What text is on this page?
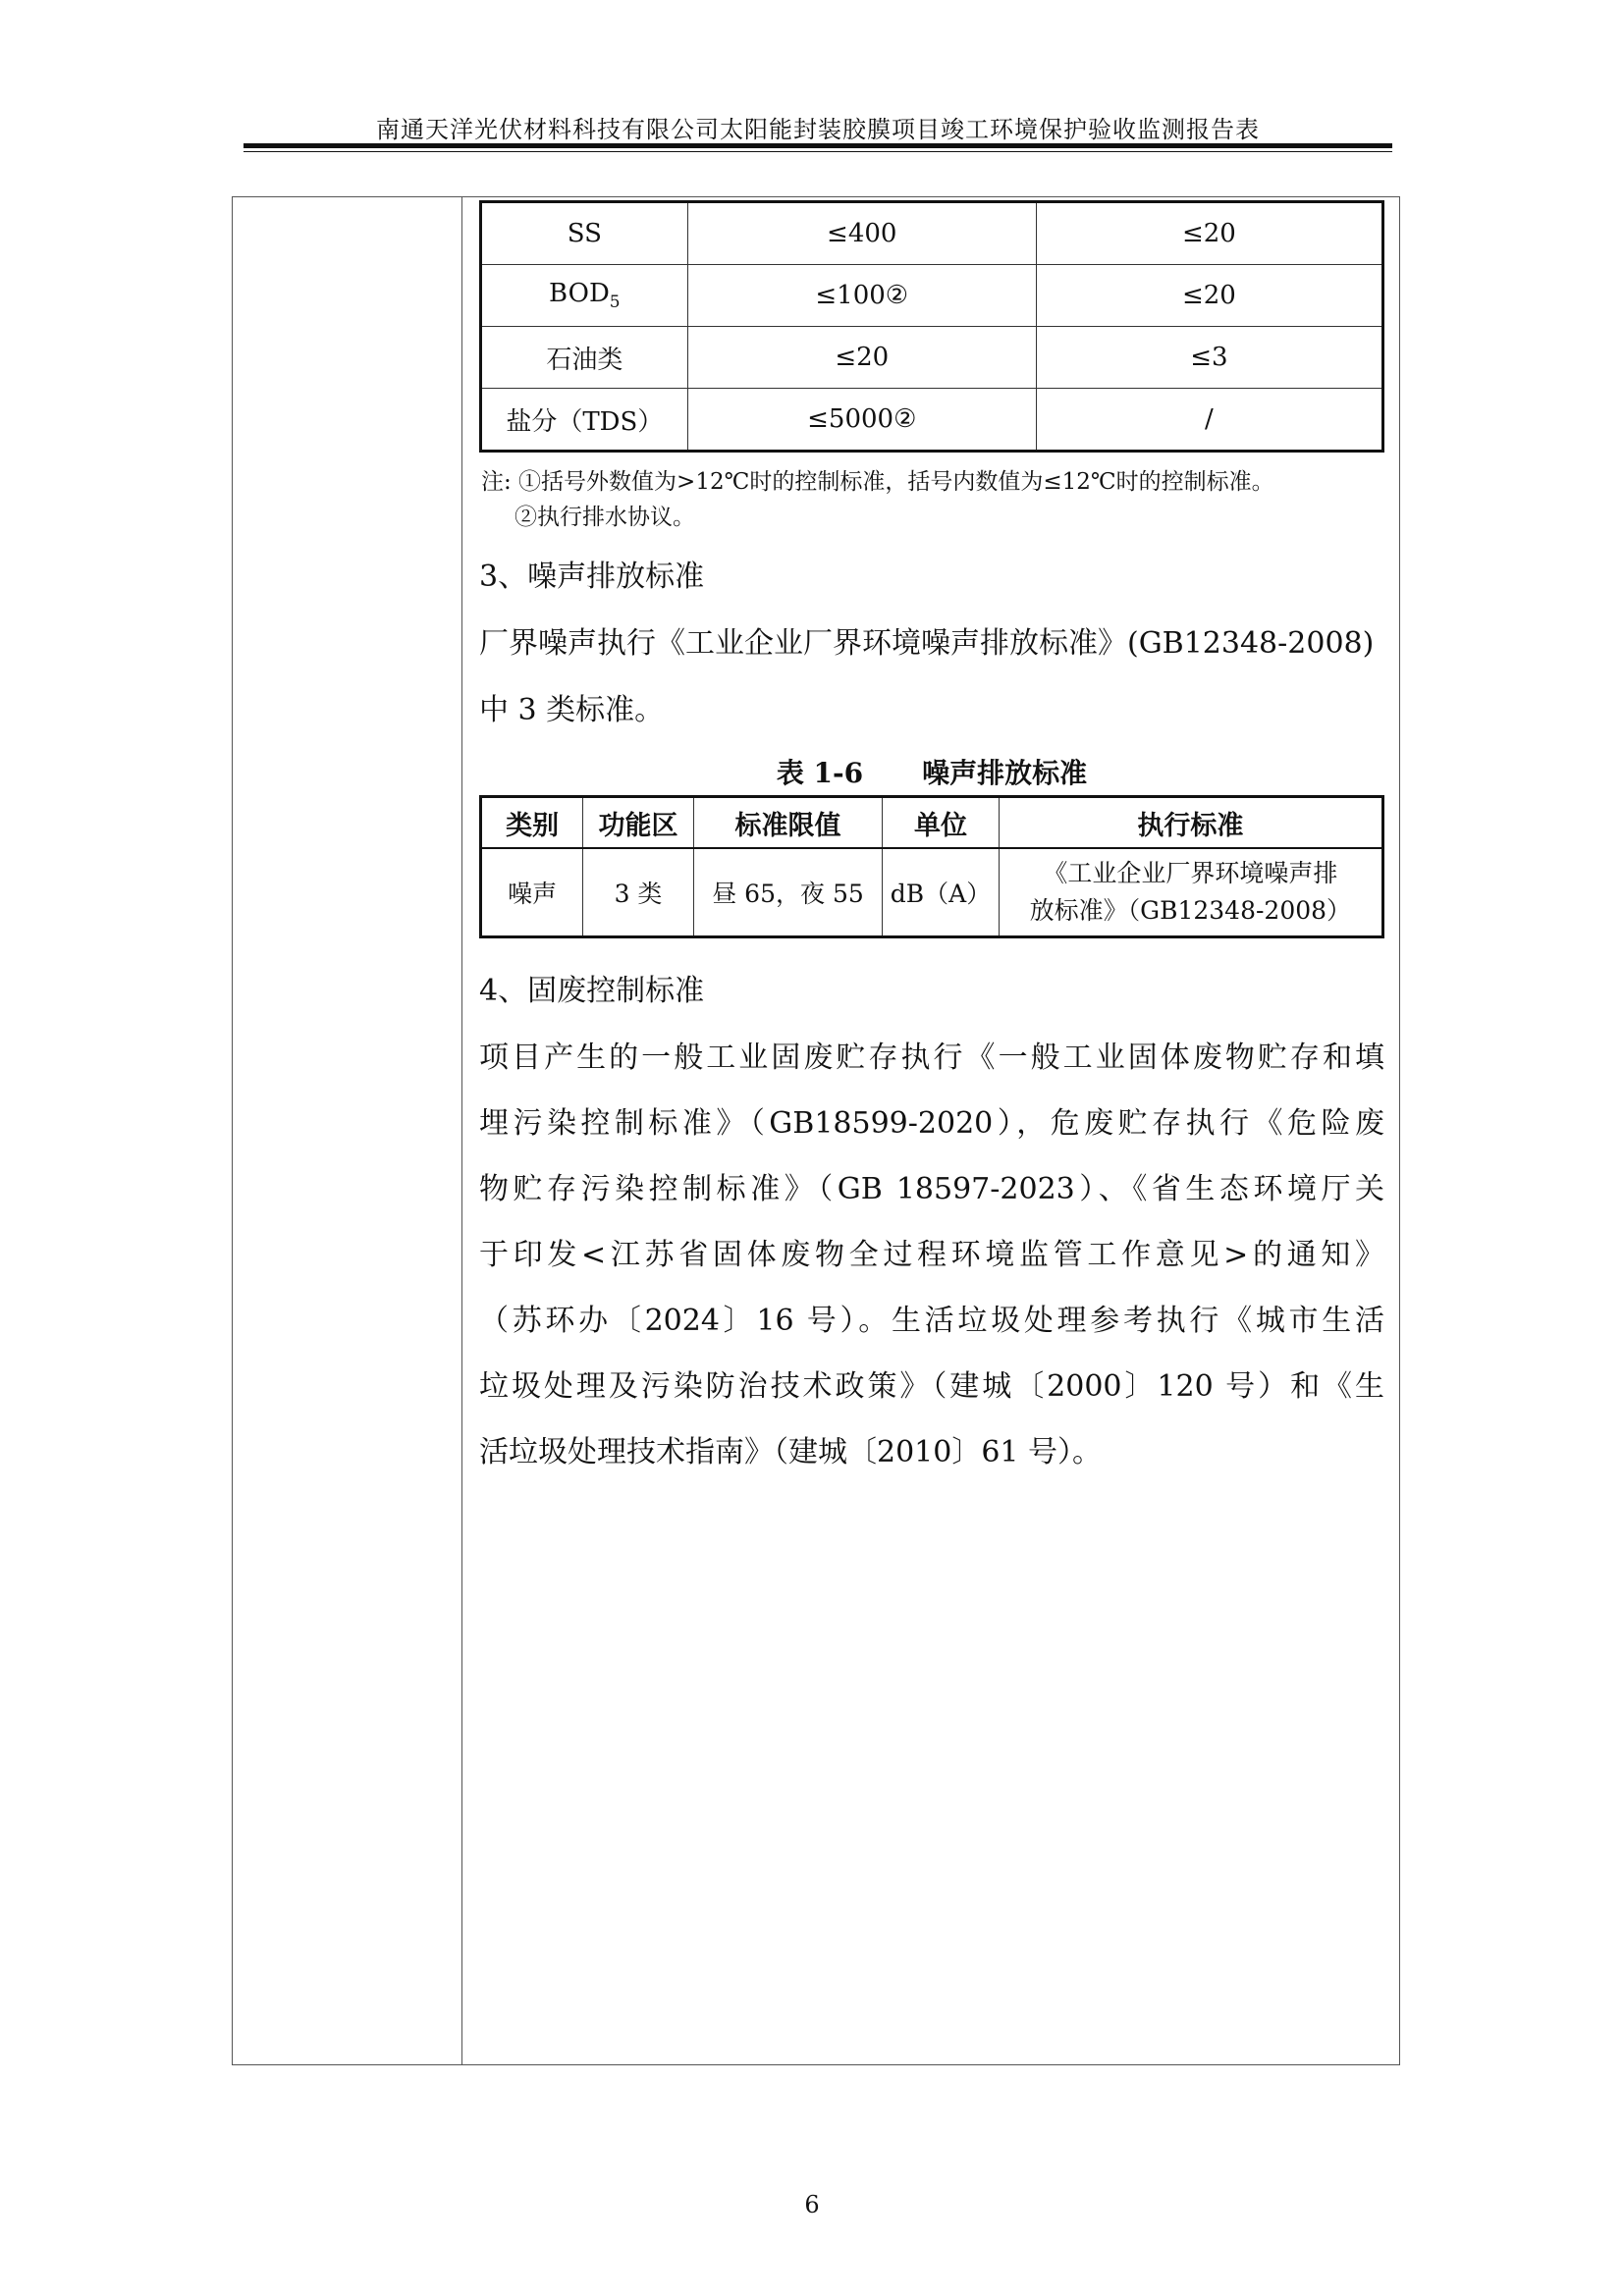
南通天洋光伏材料科技有限公司太阳能封装胶膜项目竣工环境保护验收监测报告表
SS	≤400	≤20
$BOD_5$	≤100②	≤20
石油类	≤20	≤3
盐分（TDS）	≤5000②	/
注: ①括号外数值为>12℃时的控制标准，括号内数值为≤12℃时的控制标准。
②执行排水协议。
3、噪声排放标准
厂界噪声执行《工业企业厂界环境噪声排放标准》(GB12348-2008)
中 3 类标准。
表 1-6 噪声排放标准
类别	功能区	标准限值	单位	执行标准
噪声	3 类	昼 65，夜 55	dB（A）	《工业企业厂界环境噪声排
放标准》（GB12348-2008）
4、固废控制标准
项目产生的一般工业固废贮存执行《一般工业固体废物贮存和填
埋污染控制标准》（GB18599-2020），危废贮存执行《危险废
物贮存污染控制标准》（GB 18597-2023）、《省生态环境厅关
于印发<江苏省固体废物全过程环境监管工作意见>的通知》
（苏环办〔2024〕16 号）。生活垃圾处理参考执行《城市生活
垃圾处理及污染防治技术政策》（建城〔2000〕120 号）和《生
活垃圾处理技术指南》（建城〔2010〕61 号）。
6
